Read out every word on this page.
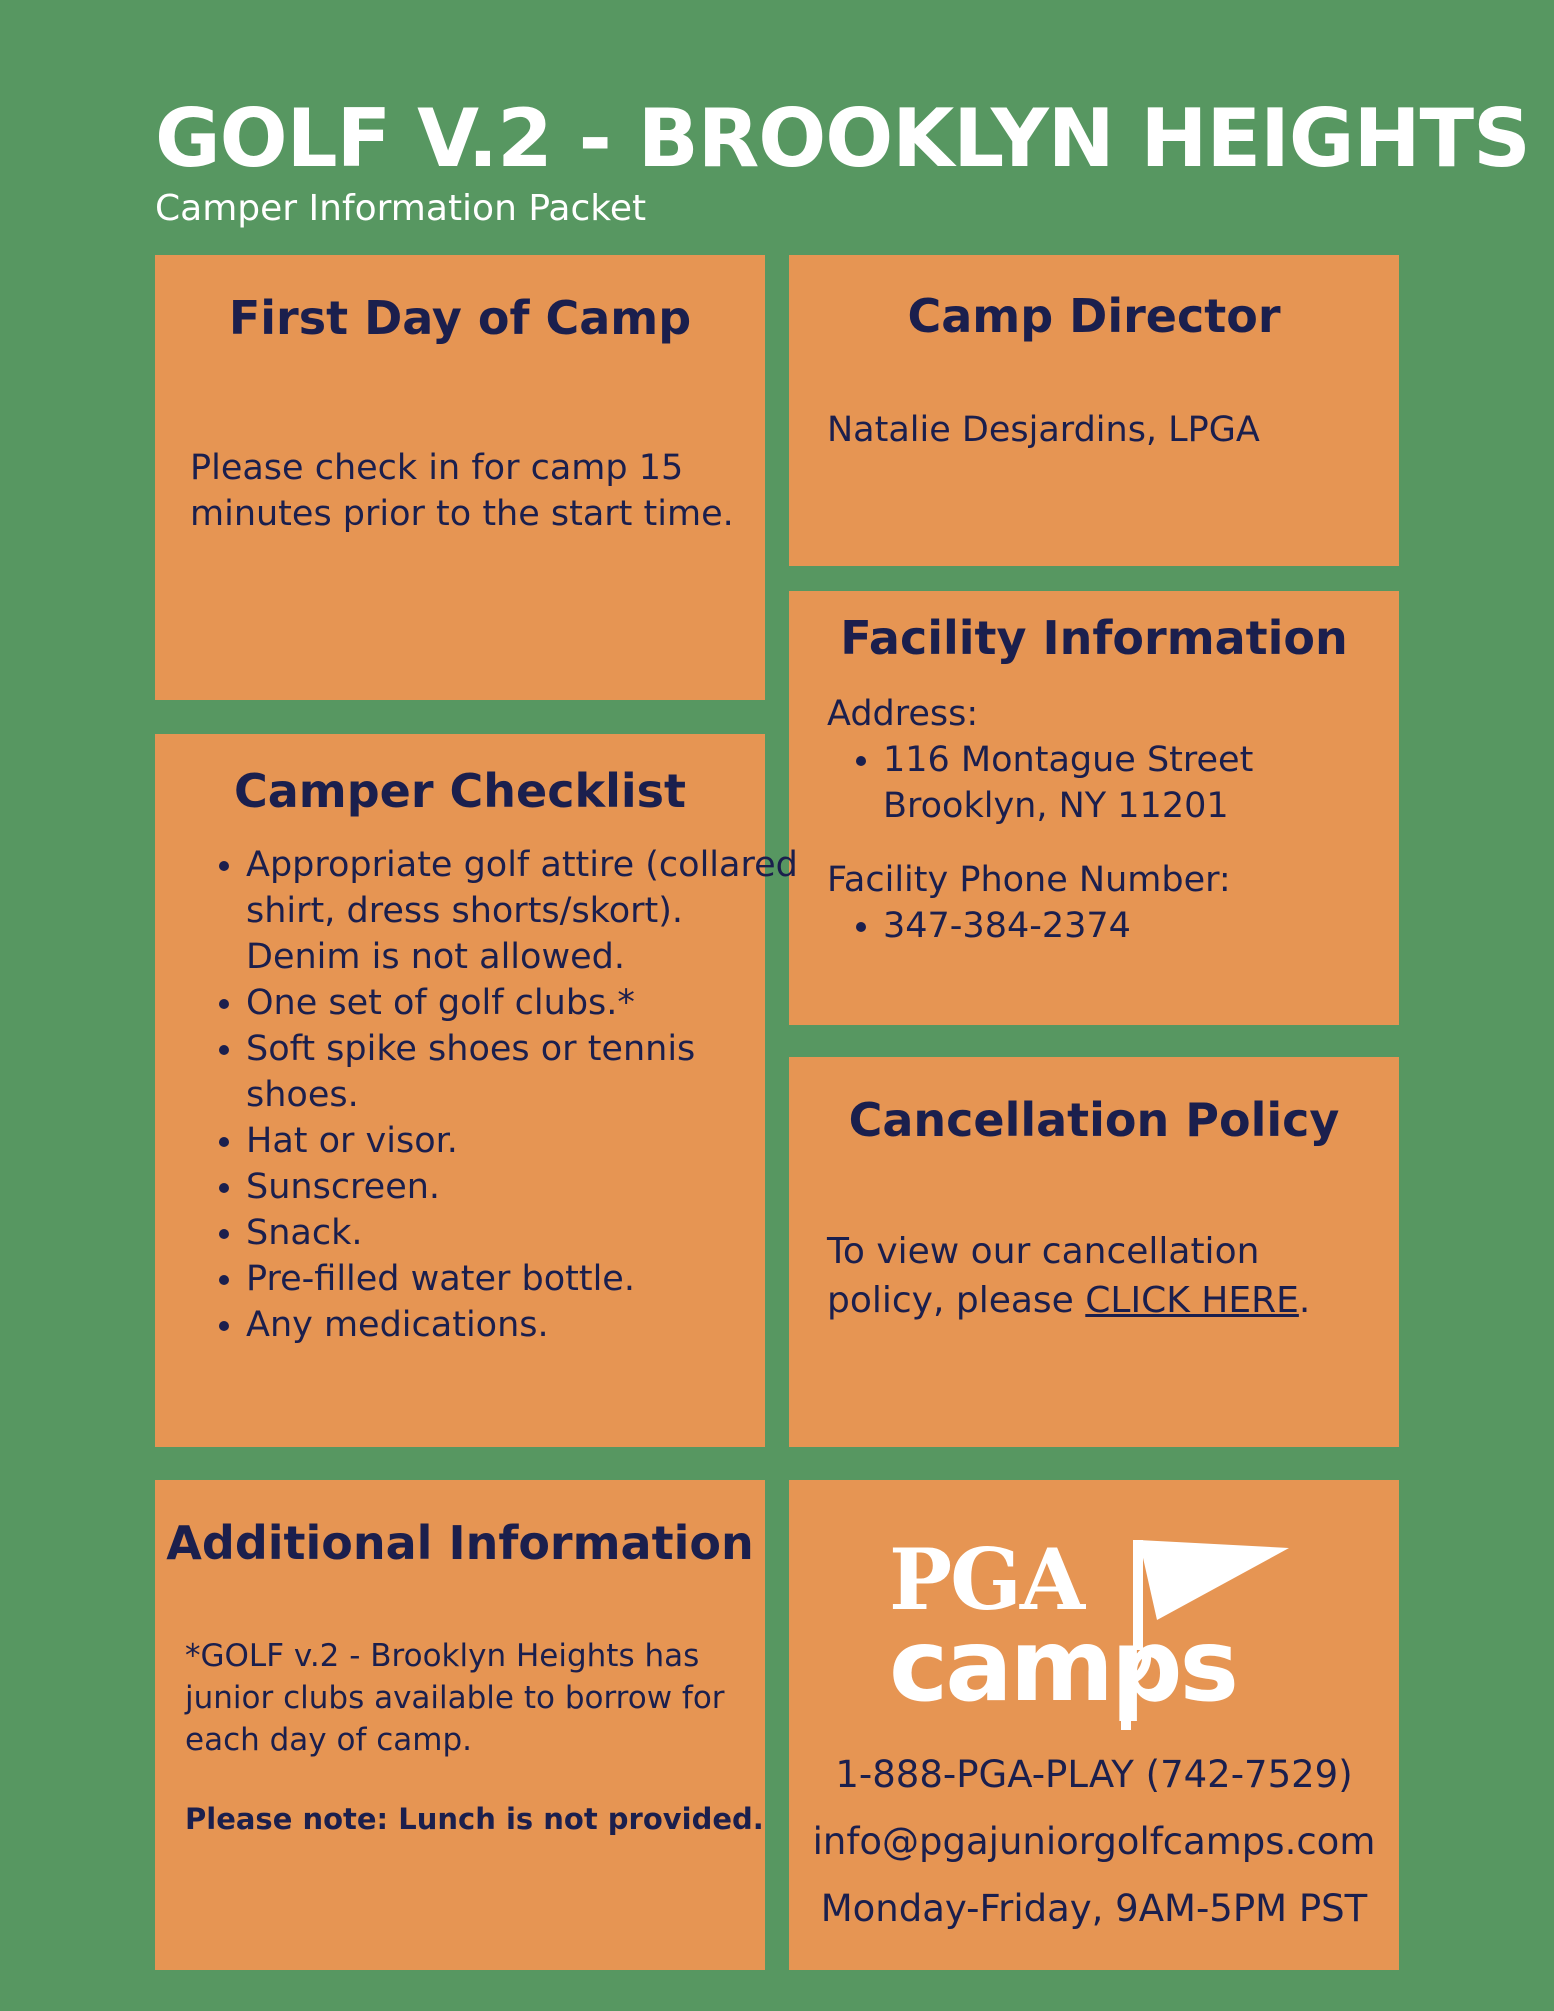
GOLF V.2 - BROOKLYN HEIGHTS
Camper Information Packet
First Day of Camp
Please check in for camp 15 minutes prior to the start time.
Camp Director
Natalie Desjardins, LPGA
Facility Information
Address:
• 116 Montague Street
Brooklyn, NY 11201
Facility Phone Number:
• 347-384-2374
Camper Checklist
• Appropriate golf attire (collared shirt, dress shorts/skort). Denim is not allowed.
• One set of golf clubs.*
• Soft spike shoes or tennis shoes.
• Hat or visor.
• Sunscreen.
• Snack.
• Pre-filled water bottle.
• Any medications.
Cancellation Policy
To view our cancellation policy, please CLICK HERE.
Additional Information
*GOLF v.2 - Brooklyn Heights has junior clubs available to borrow for each day of camp.
Please note: Lunch is not provided.
PGA
camps
1-888-PGA-PLAY (742-7529)
info@pgajuniorgolfcamps.com
Monday-Friday, 9AM-5PM PST
